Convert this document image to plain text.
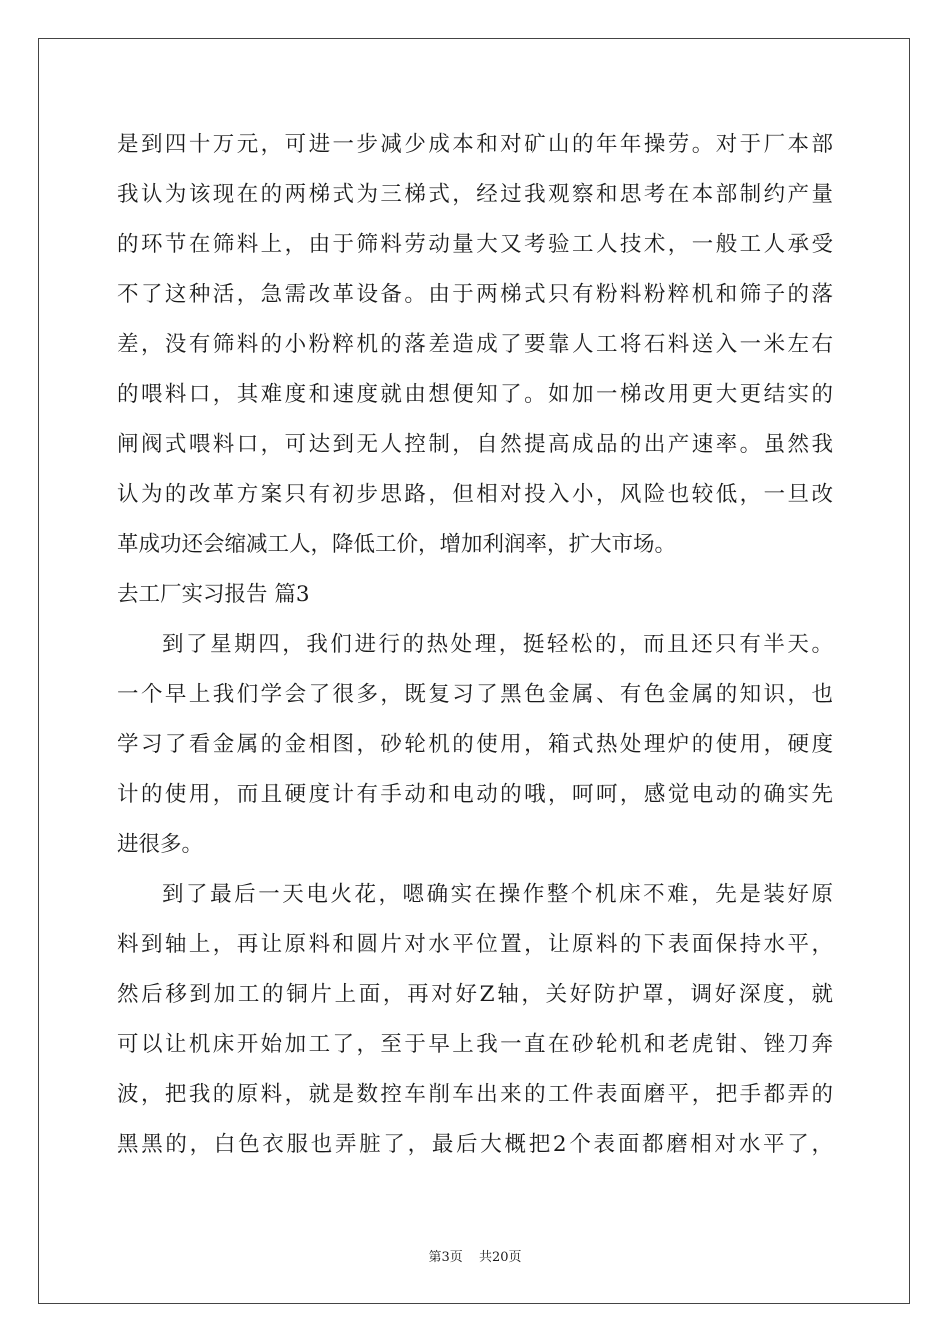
是到四十万元，可进一步减少成本和对矿山的年年操劳。对于厂本部
我认为该现在的两梯式为三梯式，经过我观察和思考在本部制约产量
的环节在筛料上，由于筛料劳动量大又考验工人技术，一般工人承受
不了这种活，急需改革设备。由于两梯式只有粉料粉粹机和筛子的落
差，没有筛料的小粉粹机的落差造成了要靠人工将石料送入一米左右
的喂料口，其难度和速度就由想便知了。如加一梯改用更大更结实的
闸阀式喂料口，可达到无人控制，自然提高成品的出产速率。虽然我
认为的改革方案只有初步思路，但相对投入小，风险也较低，一旦改
革成功还会缩减工人，降低工价，增加利润率，扩大市场。
去工厂实习报告 篇3
到了星期四，我们进行的热处理，挺轻松的，而且还只有半天。
一个早上我们学会了很多，既复习了黑色金属、有色金属的知识，也
学习了看金属的金相图，砂轮机的使用，箱式热处理炉的使用，硬度
计的使用，而且硬度计有手动和电动的哦，呵呵，感觉电动的确实先
进很多。
到了最后一天电火花，嗯确实在操作整个机床不难，先是装好原
料到轴上，再让原料和圆片对水平位置，让原料的下表面保持水平，
然后移到加工的铜片上面，再对好Z轴，关好防护罩，调好深度，就
可以让机床开始加工了，至于早上我一直在砂轮机和老虎钳、锉刀奔
波，把我的原料，就是数控车削车出来的工件表面磨平，把手都弄的
黑黑的，白色衣服也弄脏了，最后大概把2个表面都磨相对水平了，
第3页 共20页
